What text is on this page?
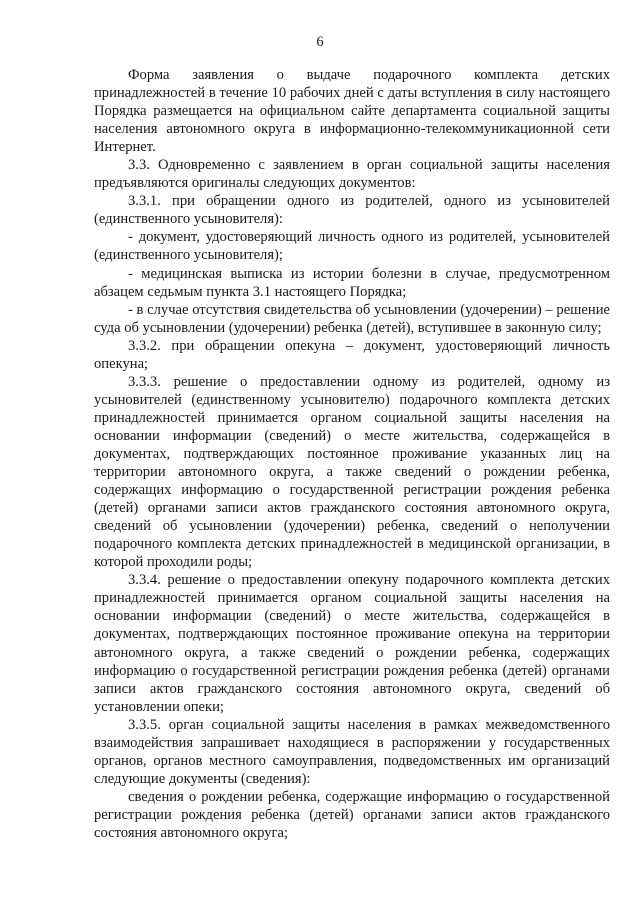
6

Форма заявления о выдаче подарочного комплекта детских принадлежностей в течение 10 рабочих дней с даты вступления в силу настоящего Порядка размещается на официальном сайте департамента социальной защиты населения автономного округа в информационно-телекоммуникационной сети Интернет.

3.3. Одновременно с заявлением в орган социальной защиты населения предъявляются оригиналы следующих документов:

3.3.1. при обращении одного из родителей, одного из усыновителей (единственного усыновителя):

- документ, удостоверяющий личность одного из родителей, усыновителей (единственного усыновителя);

- медицинская выписка из истории болезни в случае, предусмотренном абзацем седьмым пункта 3.1 настоящего Порядка;

- в случае отсутствия свидетельства об усыновлении (удочерении) – решение суда об усыновлении (удочерении) ребенка (детей), вступившее в законную силу;

3.3.2. при обращении опекуна – документ, удостоверяющий личность опекуна;

3.3.3. решение о предоставлении одному из родителей, одному из усыновителей (единственному усыновителю) подарочного комплекта детских принадлежностей принимается органом социальной защиты населения на основании информации (сведений) о месте жительства, содержащейся в документах, подтверждающих постоянное проживание указанных лиц на территории автономного округа, а также сведений о рождении ребенка, содержащих информацию о государственной регистрации рождения ребенка (детей) органами записи актов гражданского состояния автономного округа, сведений об усыновлении (удочерении) ребенка, сведений о неполучении подарочного комплекта детских принадлежностей в медицинской организации, в которой проходили роды;

3.3.4. решение о предоставлении опекуну подарочного комплекта детских принадлежностей принимается органом социальной защиты населения на основании информации (сведений) о месте жительства, содержащейся в документах, подтверждающих постоянное проживание опекуна на территории автономного округа, а также сведений о рождении ребенка, содержащих информацию о государственной регистрации рождения ребенка (детей) органами записи актов гражданского состояния автономного округа, сведений об установлении опеки;

3.3.5. орган социальной защиты населения в рамках межведомственного взаимодействия запрашивает находящиеся в распоряжении у государственных органов, органов местного самоуправления, подведомственных им организаций следующие документы (сведения):

сведения о рождении ребенка, содержащие информацию о государственной регистрации рождения ребенка (детей) органами записи актов гражданского состояния автономного округа;
